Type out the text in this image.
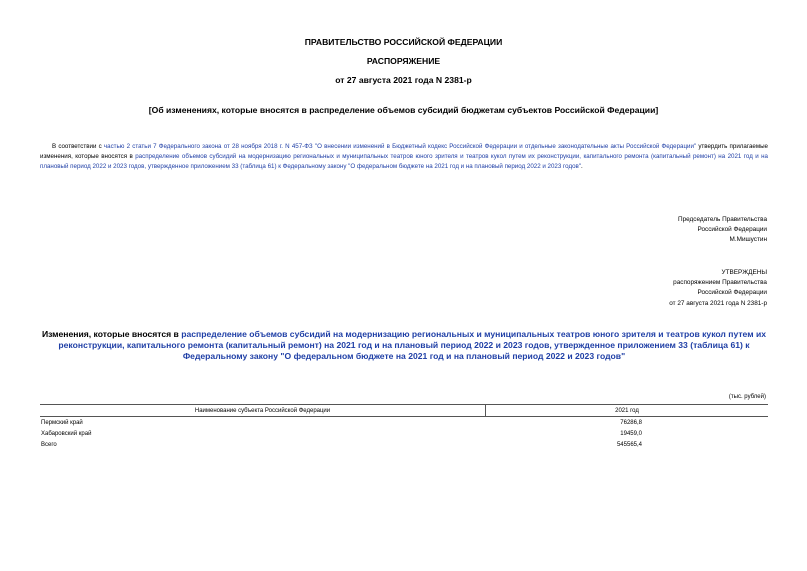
ПРАВИТЕЛЬСТВО РОССИЙСКОЙ ФЕДЕРАЦИИ
РАСПОРЯЖЕНИЕ
от 27 августа 2021 года N 2381-р
[Об изменениях, которые вносятся в распределение объемов субсидий бюджетам субъектов Российской Федерации]
В соответствии с частью 2 статьи 7 Федерального закона от 28 ноября 2018 г. N 457-ФЗ "О внесении изменений в Бюджетный кодекс Российской Федерации и отдельные законодательные акты Российской Федерации" утвердить прилагаемые изменения, которые вносятся в распределение объемов субсидий на модернизацию региональных и муниципальных театров юного зрителя и театров кукол путем их реконструкции, капитального ремонта (капитальный ремонт) на 2021 год и на плановый период 2022 и 2023 годов, утвержденное приложением 33 (таблица 61) к Федеральному закону "О федеральном бюджете на 2021 год и на плановый период 2022 и 2023 годов".
Председатель Правительства
Российской Федерации
М.Мишустин
УТВЕРЖДЕНЫ
распоряжением Правительства
Российской Федерации
от 27 августа 2021 года N 2381-р
Изменения, которые вносятся в распределение объемов субсидий на модернизацию региональных и муниципальных театров юного зрителя и театров кукол путем их реконструкции, капитального ремонта (капитальный ремонт) на 2021 год и на плановый период 2022 и 2023 годов, утвержденное приложением 33 (таблица 61) к Федеральному закону "О федеральном бюджете на 2021 год и на плановый период 2022 и 2023 годов"
(тыс. рублей)
Наименование субъекта Российской Федерации	2021 год
Пермский край	76286,8
Хабаровский край	19459,0
Всего	545565,4
